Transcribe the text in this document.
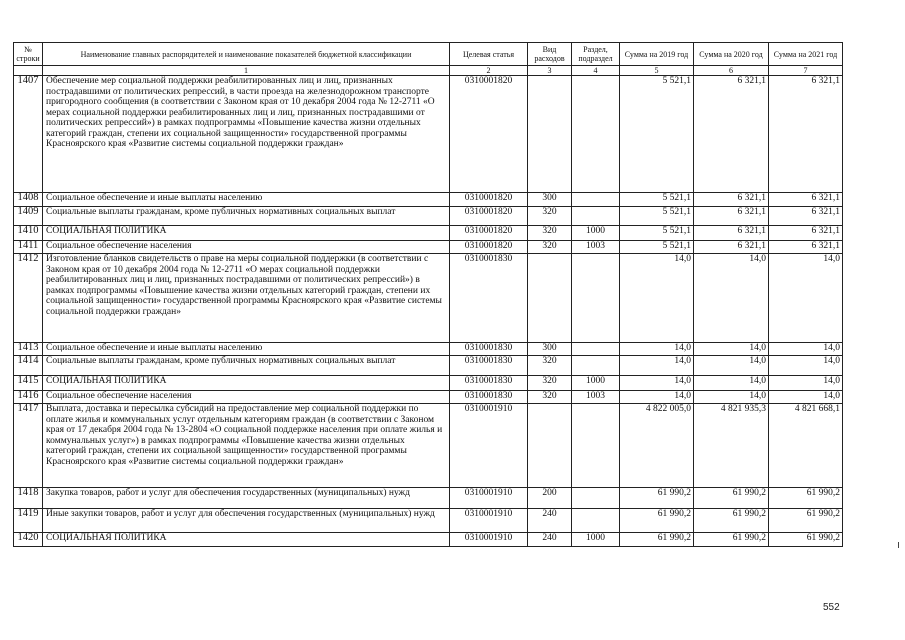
№ строки	Наименование главных распорядителей и наименование показателей бюджетной классификации	Целевая статья	Вид расходов	Раздел, подраздел	Сумма на 2019 год	Сумма на 2020 год	Сумма на 2021 год
	1	2	3	4	5	6	7
1407	Обеспечение мер социальной поддержки реабилитированных лиц и лиц, признанных пострадавшими от политических репрессий, в части проезда на железнодорожном транспорте пригородного сообщения (в соответствии с Законом края от 10 декабря 2004 года № 12-2711 «О мерах социальной поддержки реабилитированных лиц и лиц, признанных пострадавшими от политических репрессий») в рамках подпрограммы «Повышение качества жизни отдельных категорий граждан, степени их социальной защищенности» государственной программы Красноярского края «Развитие системы социальной поддержки граждан»	0310001820			5 521,1	6 321,1	6 321,1
1408	Социальное обеспечение и иные выплаты населению	0310001820	300		5 521,1	6 321,1	6 321,1
1409	Социальные выплаты гражданам, кроме публичных нормативных социальных выплат	0310001820	320		5 521,1	6 321,1	6 321,1
1410	СОЦИАЛЬНАЯ ПОЛИТИКА	0310001820	320	1000	5 521,1	6 321,1	6 321,1
1411	Социальное обеспечение населения	0310001820	320	1003	5 521,1	6 321,1	6 321,1
1412	Изготовление бланков свидетельств о праве на меры социальной поддержки (в соответствии с Законом края от 10 декабря 2004 года № 12-2711 «О мерах социальной поддержки реабилитированных лиц и лиц, признанных пострадавшими от политических репрессий») в рамках подпрограммы «Повышение качества жизни отдельных категорий граждан, степени их социальной защищенности» государственной программы Красноярского края «Развитие системы социальной поддержки граждан»	0310001830			14,0	14,0	14,0
1413	Социальное обеспечение и иные выплаты населению	0310001830	300		14,0	14,0	14,0
1414	Социальные выплаты гражданам, кроме публичных нормативных социальных выплат	0310001830	320		14,0	14,0	14,0
1415	СОЦИАЛЬНАЯ ПОЛИТИКА	0310001830	320	1000	14,0	14,0	14,0
1416	Социальное обеспечение населения	0310001830	320	1003	14,0	14,0	14,0
1417	Выплата, доставка и пересылка субсидий на предоставление мер социальной поддержки по оплате жилья и коммунальных услуг отдельным категориям граждан (в соответствии с Законом края от 17 декабря 2004 года № 13-2804 «О социальной поддержке населения при оплате жилья и коммунальных услуг») в рамках подпрограммы «Повышение качества жизни отдельных категорий граждан, степени их социальной защищенности» государственной программы Красноярского края «Развитие системы социальной поддержки граждан»	0310001910			4 822 005,0	4 821 935,3	4 821 668,1
1418	Закупка товаров, работ и услуг для обеспечения государственных (муниципальных) нужд	0310001910	200		61 990,2	61 990,2	61 990,2
1419	Иные закупки товаров, работ и услуг для обеспечения государственных (муниципальных) нужд	0310001910	240		61 990,2	61 990,2	61 990,2
1420	СОЦИАЛЬНАЯ ПОЛИТИКА	0310001910	240	1000	61 990,2	61 990,2	61 990,2
552
